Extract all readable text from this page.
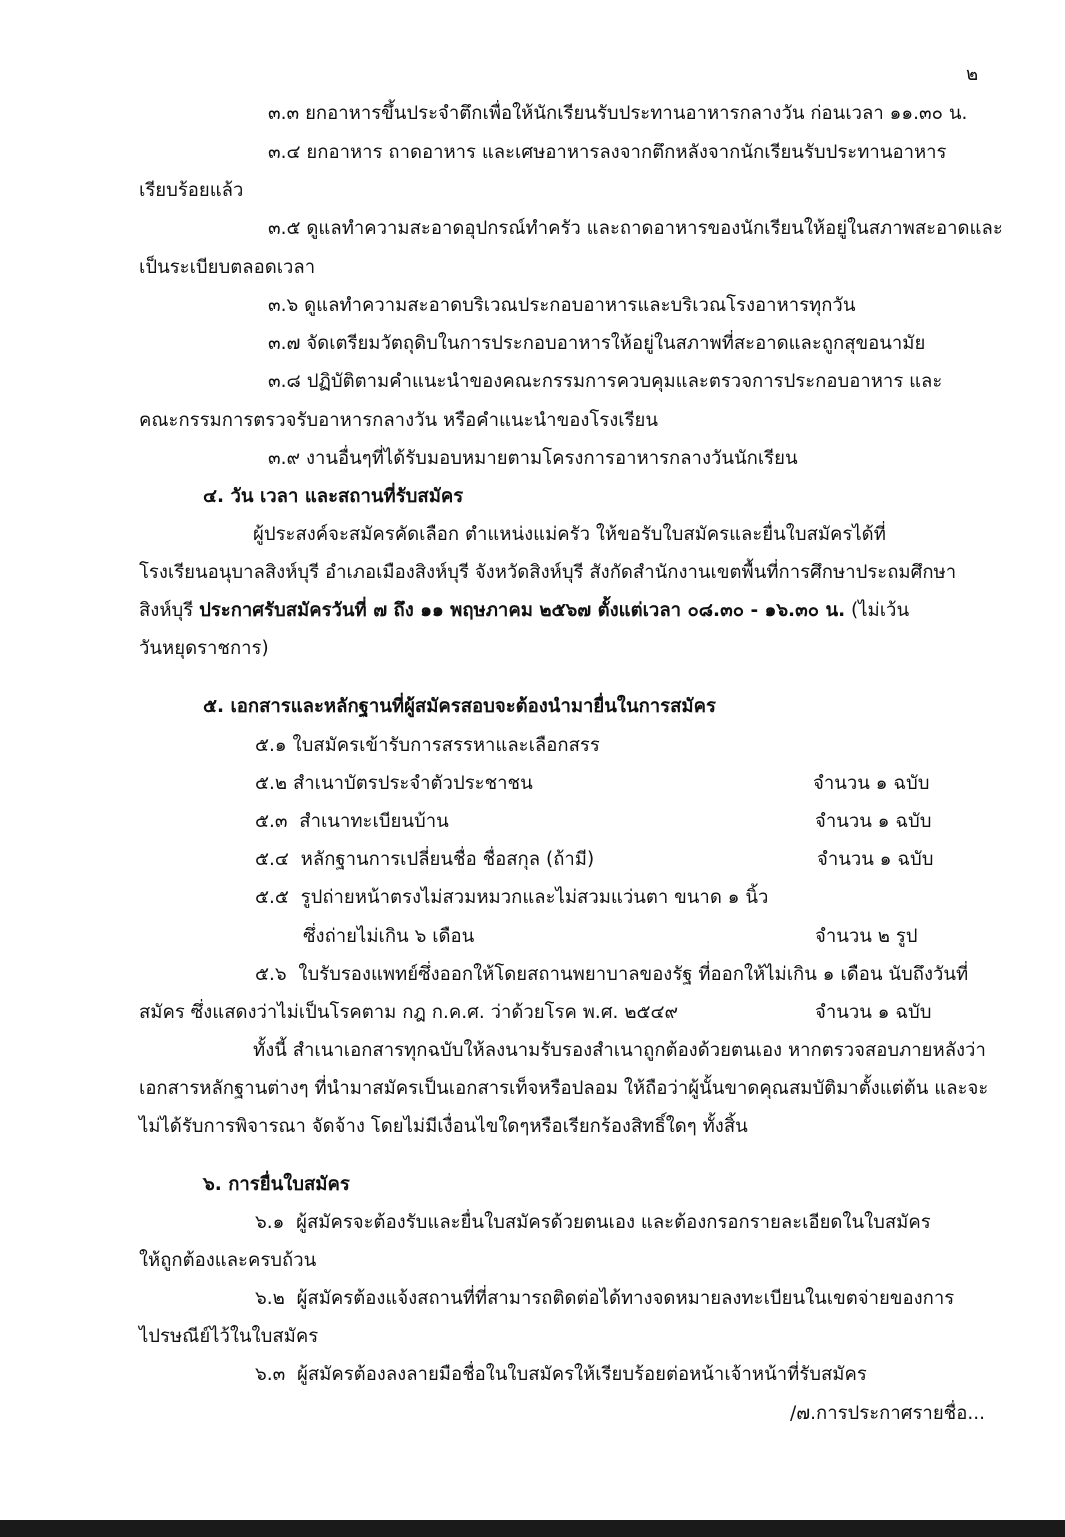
๒
๓.๓ ยกอาหารขึ้นประจำตึกเพื่อให้นักเรียนรับประทานอาหารกลางวัน ก่อนเวลา ๑๑.๓๐ น.
๓.๔ ยกอาหาร ถาดอาหาร และเศษอาหารลงจากตึกหลังจากนักเรียนรับประทานอาหาร
เรียบร้อยแล้ว
๓.๕ ดูแลทำความสะอาดอุปกรณ์ทำครัว และถาดอาหารของนักเรียนให้อยู่ในสภาพสะอาดและ
เป็นระเบียบตลอดเวลา
๓.๖ ดูแลทำความสะอาดบริเวณประกอบอาหารและบริเวณโรงอาหารทุกวัน
๓.๗ จัดเตรียมวัตถุดิบในการประกอบอาหารให้อยู่ในสภาพที่สะอาดและถูกสุขอนามัย
๓.๘ ปฏิบัติตามคำแนะนำของคณะกรรมการควบคุมและตรวจการประกอบอาหาร และ
คณะกรรมการตรวจรับอาหารกลางวัน หรือคำแนะนำของโรงเรียน
๓.๙ งานอื่นๆที่ได้รับมอบหมายตามโครงการอาหารกลางวันนักเรียน
๔. วัน เวลา และสถานที่รับสมัคร
ผู้ประสงค์จะสมัครคัดเลือก ตำแหน่งแม่ครัว ให้ขอรับใบสมัครและยื่นใบสมัครได้ที่
โรงเรียนอนุบาลสิงห์บุรี อำเภอเมืองสิงห์บุรี จังหวัดสิงห์บุรี สังกัดสำนักงานเขตพื้นที่การศึกษาประถมศึกษา
สิงห์บุรี ประกาศรับสมัครวันที่ ๗ ถึง ๑๑ พฤษภาคม ๒๕๖๗ ตั้งแต่เวลา ๐๘.๓๐ - ๑๖.๓๐ น. (ไม่เว้น
วันหยุดราชการ)
๕. เอกสารและหลักฐานที่ผู้สมัครสอบจะต้องนำมายื่นในการสมัคร
๕.๑ ใบสมัครเข้ารับการสรรหาและเลือกสรร
๕.๒ สำเนาบัตรประจำตัวประชาชน	จำนวน ๑ ฉบับ
๕.๓ สำเนาทะเบียนบ้าน	จำนวน ๑ ฉบับ
๕.๔ หลักฐานการเปลี่ยนชื่อ ชื่อสกุล (ถ้ามี)	จำนวน ๑ ฉบับ
๕.๕ รูปถ่ายหน้าตรงไม่สวมหมวกและไม่สวมแว่นตา ขนาด ๑ นิ้ว
ซึ่งถ่ายไม่เกิน ๖ เดือน	จำนวน ๒ รูป
๕.๖ ใบรับรองแพทย์ซึ่งออกให้โดยสถานพยาบาลของรัฐ ที่ออกให้ไม่เกิน ๑ เดือน นับถึงวันที่
สมัคร ซึ่งแสดงว่าไม่เป็นโรคตาม กฎ ก.ค.ศ. ว่าด้วยโรค พ.ศ. ๒๕๔๙	จำนวน ๑ ฉบับ
ทั้งนี้ สำเนาเอกสารทุกฉบับให้ลงนามรับรองสำเนาถูกต้องด้วยตนเอง หากตรวจสอบภายหลังว่า
เอกสารหลักฐานต่างๆ ที่นำมาสมัครเป็นเอกสารเท็จหรือปลอม ให้ถือว่าผู้นั้นขาดคุณสมบัติมาตั้งแต่ต้น และจะ
ไม่ได้รับการพิจารณา จัดจ้าง โดยไม่มีเงื่อนไขใดๆหรือเรียกร้องสิทธิ์ใดๆ ทั้งสิ้น
๖. การยื่นใบสมัคร
๖.๑ ผู้สมัครจะต้องรับและยื่นใบสมัครด้วยตนเอง และต้องกรอกรายละเอียดในใบสมัคร
ให้ถูกต้องและครบถ้วน
๖.๒ ผู้สมัครต้องแจ้งสถานที่ที่สามารถติดต่อได้ทางจดหมายลงทะเบียนในเขตจ่ายของการ
ไปรษณีย์ไว้ในใบสมัคร
๖.๓ ผู้สมัครต้องลงลายมือชื่อในใบสมัครให้เรียบร้อยต่อหน้าเจ้าหน้าที่รับสมัคร
/๗.การประกาศรายชื่อ...
